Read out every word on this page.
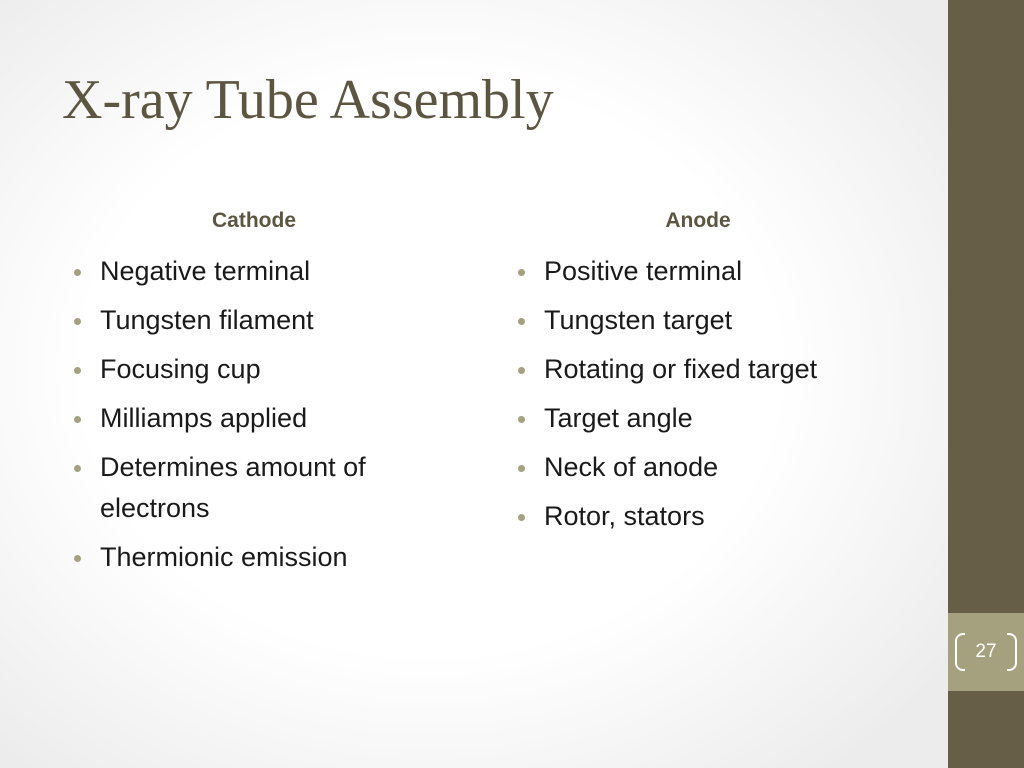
X-ray Tube Assembly
Cathode
Negative terminal
Tungsten filament
Focusing cup
Milliamps applied
Determines amount of electrons
Thermionic emission
Anode
Positive terminal
Tungsten target
Rotating or fixed target
Target angle
Neck of anode
Rotor, stators
27
